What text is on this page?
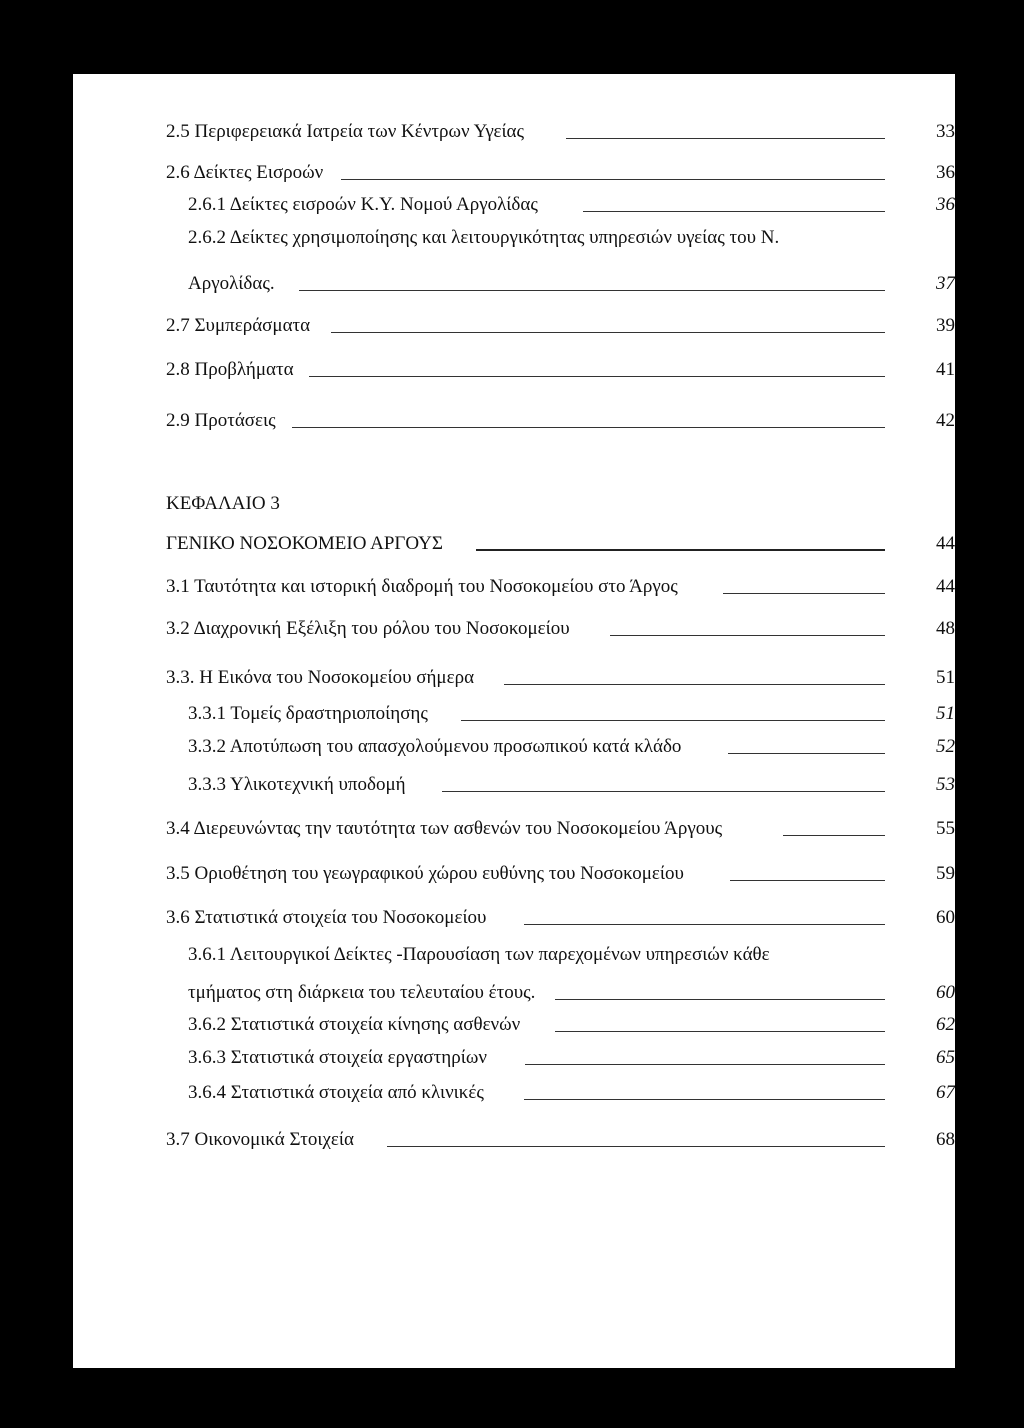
2.5 Περιφερειακά Ιατρεία των Κέντρων Υγείας	33
2.6 Δείκτες Εισροών	36
2.6.1 Δείκτες εισροών Κ.Υ. Νομού Αργολίδας	36
2.6.2 Δείκτες χρησιμοποίησης και λειτουργικότητας υπηρεσιών υγείας του Ν.
Αργολίδας.	37
2.7 Συμπεράσματα	39
2.8 Προβλήματα	41
2.9 Προτάσεις	42
ΚΕΦΑΛΑΙΟ 3
ΓΕΝΙΚΟ ΝΟΣΟΚΟΜΕΙΟ ΑΡΓΟΥΣ	44
3.1 Ταυτότητα και ιστορική διαδρομή του Νοσοκομείου στο Άργος	44
3.2 Διαχρονική Εξέλιξη του ρόλου του Νοσοκομείου	48
3.3. Η Εικόνα του Νοσοκομείου σήμερα	51
3.3.1 Τομείς δραστηριοποίησης	51
3.3.2 Αποτύπωση του απασχολούμενου προσωπικού κατά κλάδο	52
3.3.3 Υλικοτεχνική υποδομή	53
3.4 Διερευνώντας την ταυτότητα των ασθενών του Νοσοκομείου Άργους	55
3.5 Οριοθέτηση του γεωγραφικού χώρου ευθύνης του Νοσοκομείου	59
3.6 Στατιστικά στοιχεία του Νοσοκομείου	60
3.6.1 Λειτουργικοί Δείκτες -Παρουσίαση των παρεχομένων υπηρεσιών κάθε
τμήματος στη διάρκεια του τελευταίου έτους.	60
3.6.2 Στατιστικά στοιχεία κίνησης ασθενών	62
3.6.3 Στατιστικά στοιχεία εργαστηρίων	65
3.6.4 Στατιστικά στοιχεία από κλινικές	67
3.7 Οικονομικά Στοιχεία	68
